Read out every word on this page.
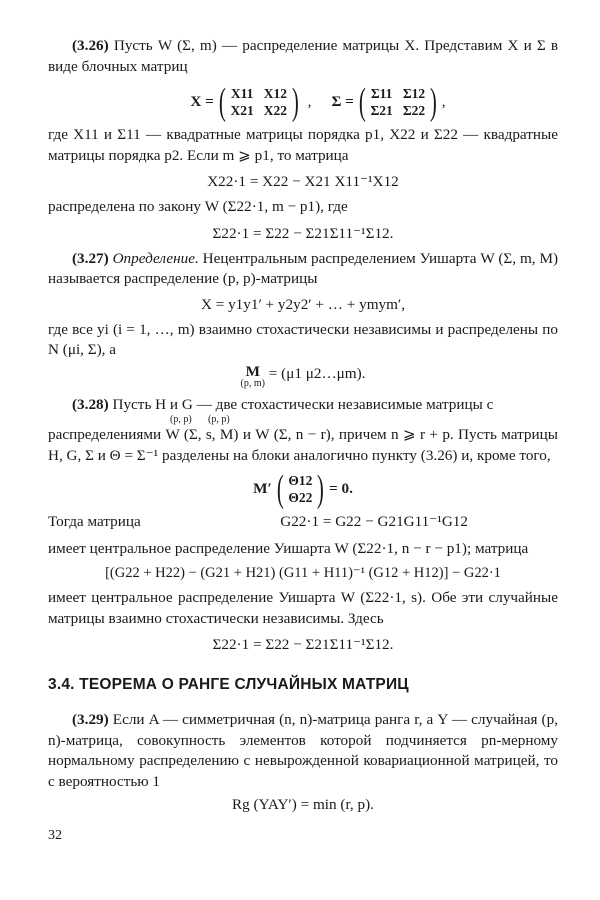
(3.26) Пусть W (Σ, m) — распределение матрицы X. Представим X и Σ в виде блочных матриц

X = ( X11 X12
X21 X22 ) , Σ = ( Σ11 Σ12
Σ21 Σ22 ) ,

где X11 и Σ11 — квадратные матрицы порядка p1, X22 и Σ22 — квадратные матрицы порядка p2. Если m ⩾ p1, то матрица

X22·1 = X22 − X21 X11⁻¹X12

распределена по закону W (Σ22·1, m − p1), где

Σ22·1 = Σ22 − Σ21Σ11⁻¹Σ12.

(3.27) Определение. Нецентральным распределением Уишарта W (Σ, m, M) называется распределение (p, p)-матрицы

X = y1y1′ + y2y2′ + … + ymym′,

где все yi (i = 1, …, m) взаимно стохастически независимы и распределены по N (μi, Σ), а

M
(p, m)
= (μ1 μ2…μm).

(3.28) Пусть H и G — две стохастически независимые матрицы с

(p, p) (p, p)

распределениями W (Σ, s, M) и W (Σ, n − r), причем n ⩾ r + p. Пусть матрицы H, G, Σ и Θ = Σ⁻¹ разделены на блоки аналогично пункту (3.26) и, кроме того,

M′ ( Θ12
Θ22 ) = 0.

Тогда матрица	G22·1 = G22 − G21G11⁻¹G12

имеет центральное распределение Уишарта W (Σ22·1, n − r − p1); матрица

[(G22 + H22) − (G21 + H21) (G11 + H11)⁻¹ (G12 + H12)] − G22·1

имеет центральное распределение Уишарта W (Σ22·1, s). Обе эти случайные матрицы взаимно стохастически независимы. Здесь

Σ22·1 = Σ22 − Σ21Σ11⁻¹Σ12.

3.4. ТЕОРЕМА О РАНГЕ СЛУЧАЙНЫХ МАТРИЦ

(3.29) Если A — симметричная (n, n)-матрица ранга r, а Y — случайная (p, n)-матрица, совокупность элементов которой подчиняется pn-мерному нормальному распределению с невырожденной ковариационной матрицей, то с вероятностью 1

Rg (YAY′) = min (r, p).

32
